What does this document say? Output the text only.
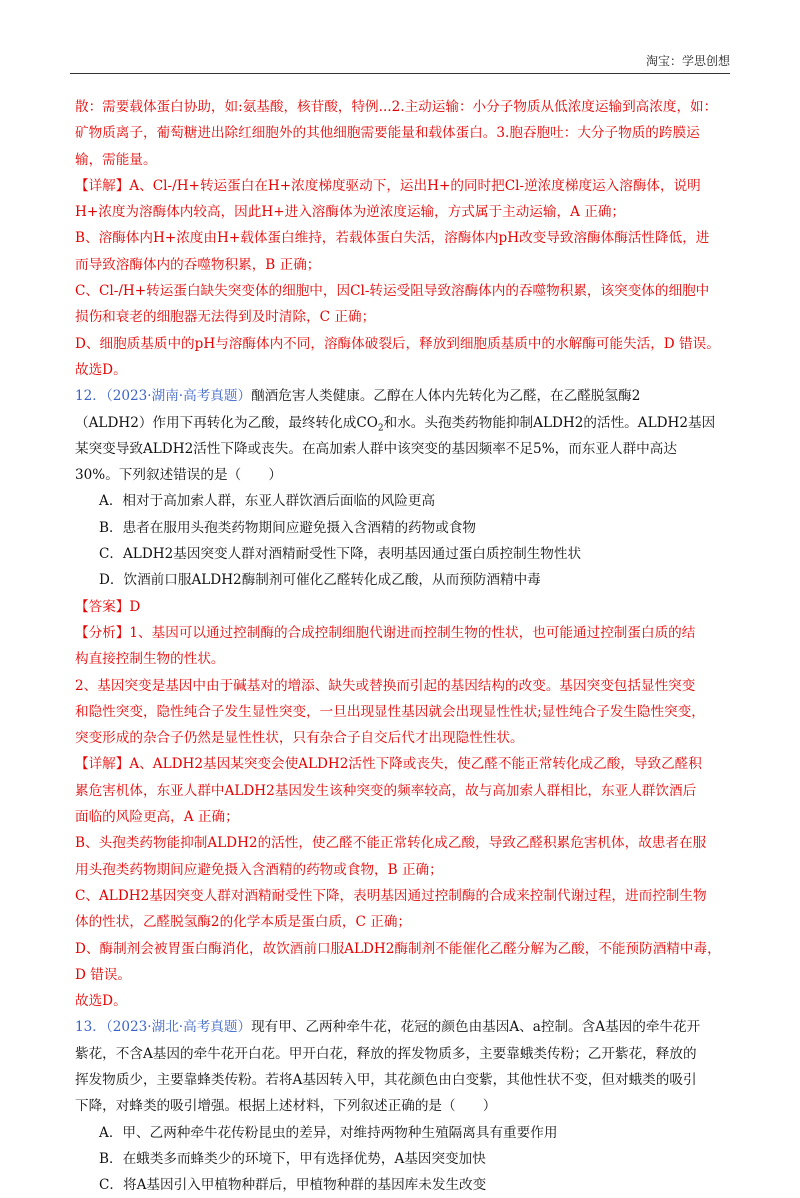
淘宝：学思创想

散：需要载体蛋白协助，如:氨基酸，核苷酸，特例...2.主动运输：小分子物质从低浓度运输到高浓度，如：

矿物质离子，葡萄糖进出除红细胞外的其他细胞需要能量和载体蛋白。3.胞吞胞吐：大分子物质的跨膜运

输，需能量。

【详解】A、Cl-/H+转运蛋白在H+浓度梯度驱动下，运出H+的同时把Cl-逆浓度梯度运入溶酶体，说明

H+浓度为溶酶体内较高，因此H+进入溶酶体为逆浓度运输，方式属于主动运输，A 正确；

B、溶酶体内H+浓度由H+载体蛋白维持，若载体蛋白失活，溶酶体内pH改变导致溶酶体酶活性降低，进

而导致溶酶体内的吞噬物积累，B 正确；

C、Cl-/H+转运蛋白缺失突变体的细胞中，因Cl-转运受阻导致溶酶体内的吞噬物积累，该突变体的细胞中

损伤和衰老的细胞器无法得到及时清除，C 正确；

D、细胞质基质中的pH与溶酶体内不同，溶酶体破裂后，释放到细胞质基质中的水解酶可能失活，D 错误。

故选D。

12．（2023·湖南·高考真题）酗酒危害人类健康。乙醇在人体内先转化为乙醛，在乙醛脱氢酶2

（ALDH2）作用下再转化为乙酸，最终转化成$CO_2$和水。头孢类药物能抑制ALDH2的活性。ALDH2基因

某突变导致ALDH2活性下降或丧失。在高加索人群中该突变的基因频率不足5%，而东亚人群中高达

30%。下列叙述错误的是（　　）

A．相对于高加索人群，东亚人群饮酒后面临的风险更高

B．患者在服用头孢类药物期间应避免摄入含酒精的药物或食物

C．ALDH2基因突变人群对酒精耐受性下降，表明基因通过蛋白质控制生物性状

D．饮酒前口服ALDH2酶制剂可催化乙醛转化成乙酸，从而预防酒精中毒

【答案】D

【分析】1、基因可以通过控制酶的合成控制细胞代谢进而控制生物的性状，也可能通过控制蛋白质的结

构直接控制生物的性状。

2、基因突变是基因中由于碱基对的增添、缺失或替换而引起的基因结构的改变。基因突变包括显性突变

和隐性突变，隐性纯合子发生显性突变，一旦出现显性基因就会出现显性性状;显性纯合子发生隐性突变，

突变形成的杂合子仍然是显性性状，只有杂合子自交后代才出现隐性性状。

【详解】A、ALDH2基因某突变会使ALDH2活性下降或丧失，使乙醛不能正常转化成乙酸，导致乙醛积

累危害机体，东亚人群中ALDH2基因发生该种突变的频率较高，故与高加索人群相比，东亚人群饮酒后

面临的风险更高，A 正确；

B、头孢类药物能抑制ALDH2的活性，使乙醛不能正常转化成乙酸，导致乙醛积累危害机体，故患者在服

用头孢类药物期间应避免摄入含酒精的药物或食物，B 正确；

C、ALDH2基因突变人群对酒精耐受性下降，表明基因通过控制酶的合成来控制代谢过程，进而控制生物

体的性状，乙醛脱氢酶2的化学本质是蛋白质，C 正确；

D、酶制剂会被胃蛋白酶消化，故饮酒前口服ALDH2酶制剂不能催化乙醛分解为乙酸，不能预防酒精中毒，

D 错误。

故选D。

13．（2023·湖北·高考真题）现有甲、乙两种牵牛花，花冠的颜色由基因A、a控制。含A基因的牵牛花开

紫花，不含A基因的牵牛花开白花。甲开白花，释放的挥发物质多，主要靠蛾类传粉；乙开紫花，释放的

挥发物质少，主要靠蜂类传粉。若将A基因转入甲，其花颜色由白变紫，其他性状不变，但对蛾类的吸引

下降，对蜂类的吸引增强。根据上述材料，下列叙述正确的是（　　）

A．甲、乙两种牵牛花传粉昆虫的差异，对维持两物种生殖隔离具有重要作用

B．在蛾类多而蜂类少的环境下，甲有选择优势，A基因突变加快

C．将A基因引入甲植物种群后，甲植物种群的基因库未发生改变
